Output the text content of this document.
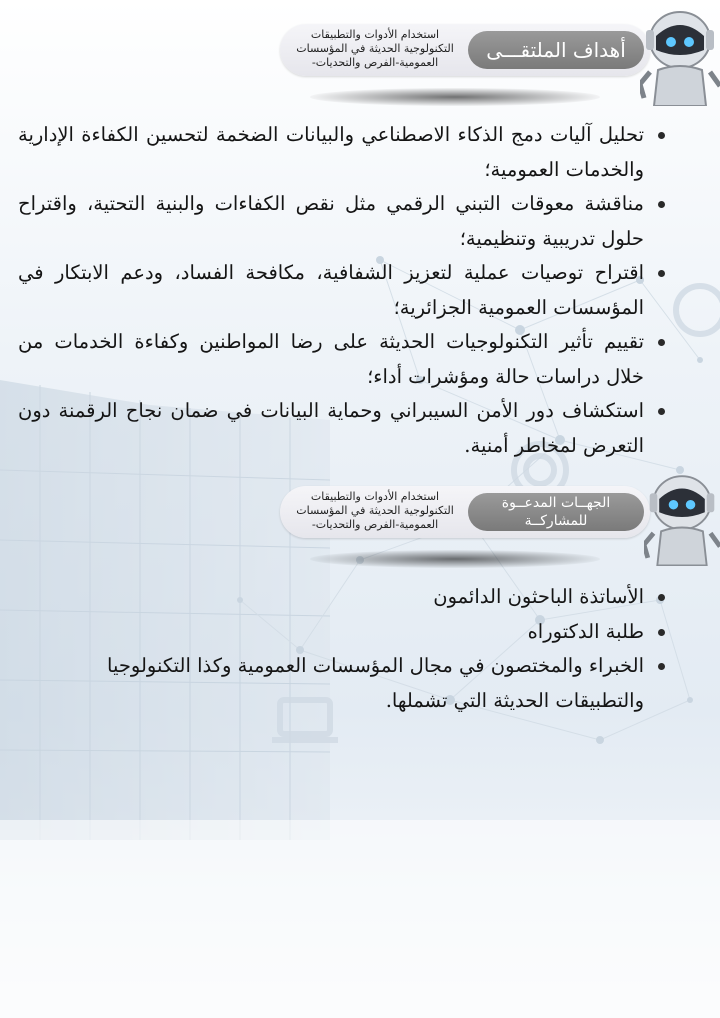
استخدام الأدوات والتطبيقات
التكنولوجية الحديثة في المؤسسات
العمومية-الفرص والتحديات-
أهداف الملتقـــى
تحليل آليات دمج الذكاء الاصطناعي والبيانات الضخمة لتحسين الكفاءة الإدارية والخدمات العمومية؛
مناقشة معوقات التبني الرقمي مثل نقص الكفاءات والبنية التحتية، واقتراح حلول تدريبية وتنظيمية؛
اقتراح توصيات عملية لتعزيز الشفافية، مكافحة الفساد، ودعم الابتكار في المؤسسات العمومية الجزائرية؛
تقييم تأثير التكنولوجيات الحديثة على رضا المواطنين وكفاءة الخدمات من خلال دراسات حالة ومؤشرات أداء؛
استكشاف دور الأمن السيبراني وحماية البيانات في ضمان نجاح الرقمنة دون التعرض لمخاطر أمنية.
استخدام الأدوات والتطبيقات
التكنولوجية الحديثة في المؤسسات
العمومية-الفرص والتحديات-
الجهــات المدعــوة
للمشاركــة
الأساتذة الباحثون الدائمون
طلبة الدكتوراه
الخبراء والمختصون في مجال المؤسسات العمومية وكذا التكنولوجيا والتطبيقات الحديثة التي تشملها.
